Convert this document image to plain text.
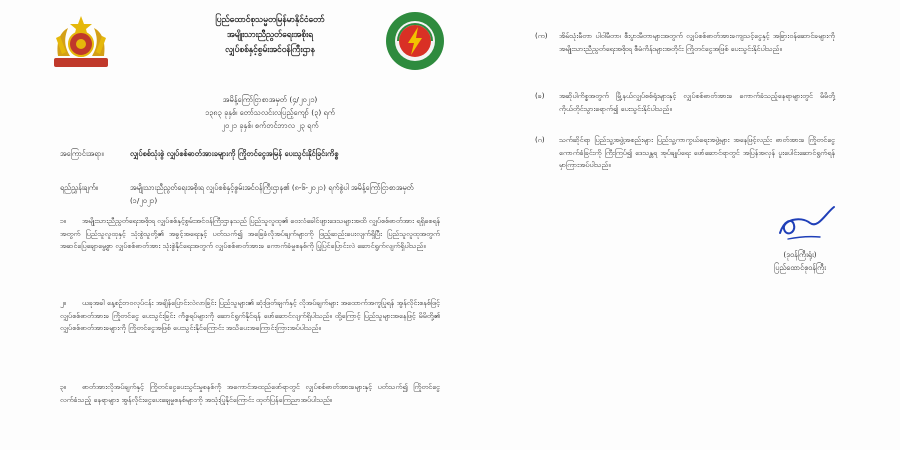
ပြည်ထောင်စုသမ္မတမြန်မာနိုင်ငံတော်
အမျိုးသားညီညွတ်ရေးအစိုးရ
လျှပ်စစ်နှင့်စွမ်းအင်ဝန်ကြီးဌာန
အမိန့်ကြော်ငြာစာအမှတ် (၄/၂၀၂၁)
၁၃၈၃ ခုနှစ်၊ တော်သလင်းလပြည့်ကျော် (၃) ရက်
၂၀၂၁ ခုနှစ်၊ စက်တင်ဘာလ ၂၃ ရက်
အကြောင်းအရာ။	လျှပ်စစ်သုံးစွဲ လျှပ်စစ်ဓာတ်အားခများကို ကြိုတင်ငွေအမြန် ပေးသွင်းနိုင်ခြင်းကိစ္စ
ရည်ညွှန်းချက်။	အမျိုးသားညီညွတ်ရေးအစိုးရ လျှပ်စစ်နှင့်စွမ်းအင်ဝန်ကြီးဌာန၏ (၈-၆-၂၀၂၁) ရက်စွဲပါ အမိန့်ကြော်ငြာစာအမှတ် (၁/၂၀၂၁)
၁။ အမျိုးသားညီညွတ်ရေးအစိုးရ လျှပ်စစ်နှင့်စွမ်းအင်ဝန်ကြီးဌာနသည် ပြည်သူလူထု၏ ဝေးလံခေါင်ဖျားဒေသများအထိ လျှပ်စစ်ဓာတ်အား ရရှိစေရန်အတွက် ပြည်သူလူထုနှင့် သုံးစွဲသူတို့၏ အခွင့်အရေးနှင့် ပတ်သက်၍ အခြေခံလိုအပ်ချက်များကို ဖြည့်ဆည်းပေးလျက်ရှိပြီး ပြည်သူလူထုအတွက် အဆင်ပြေချောမွေ့စွာ လျှပ်စစ်ဓာတ်အား သုံးစွဲနိုင်ရေးအတွက် လျှပ်စစ်ဓာတ်အားခ ကောက်ခံမှုစနစ်ကို ပြုပြင်ပြောင်းလဲ ဆောင်ရွက်လျက်ရှိပါသည်။
၂။ ယခုအခါ နေ့စဉ်ဘဝလုပ်ငန်း အချိန်ပြောင်းလဲလာခြင်း ပြည်သူများ၏ ဆုံးဖြတ်ချက်နှင့် လိုအပ်ချက်များ အထောက်အကူပြုရန် အွန်လိုင်းစနစ်ဖြင့် လျှပ်စစ်ဓာတ်အားခ ကြိုတင်ငွေ ပေးသွင်းခြင်း ကိစ္စရပ်များကို ဆောင်ရွက်နိုင်ရန် ဖော်ဆောင်လျက်ရှိပါသည်။ ထို့ကြောင့် ပြည်သူများအနေဖြင့် မိမိတို့၏ လျှပ်စစ်ဓာတ်အားခများကို ကြိုတင်ငွေအဖြစ် ပေးသွင်းနိုင်ကြောင်း အသိပေးအကြောင်းကြားအပ်ပါသည်။
၃။ ဓာတ်အားလိုအပ်ချက်နှင့် ကြိုတင်ငွေပေးသွင်းမှုစနစ်ကို အကောင်အထည်ဖော်ရာတွင် လျှပ်စစ်ဓာတ်အားခများနှင့် ပတ်သက်၍ ကြိုတင်ငွေလက်ခံသည့် နေရာများ၊ အွန်လိုင်းငွေပေးချေမှုစနစ်များကို အသုံးပြုနိုင်ကြောင်း ထုတ်ပြန်ကြေညာအပ်ပါသည်။
(က)	အိမ်သုံးမီတာ ပါဝါမီတာ၊ စီးပွားမီတာများအတွက် လျှပ်စစ်ဓာတ်အားခကျသင့်ငွေနှင့် အခြားဝန်ဆောင်ခများကို အမျိုးသားညီညွတ်ရေးအစိုးရ စီမံကိန်းများအတိုင်း ကြိုတင်ငွေအဖြစ် ပေးသွင်းနိုင်ပါသည်။
(ခ)	အဆိုပါကိစ္စအတွက် မြို့နယ်လျှပ်စစ်ရုံးများနှင့် လျှပ်စစ်ဓာတ်အားခ ကောက်ခံသည့်နေရာများတွင် မိမိတို့ ကိုယ်တိုင်သွားရောက်၍ ပေးသွင်းနိုင်ပါသည်။
(ဂ)	သက်ဆိုင်ရာ ပြည်သူ့အဖွဲ့အစည်းများ ပြည်သူ့ကာကွယ်ရေးအဖွဲ့များ အနေဖြင့်လည်း ဓာတ်အားခ ကြိုတင်ငွေ ကောက်ခံခြင်းကို ကြီးကြပ်၍ ဒေသန္တရ အုပ်ချုပ်ရေး ဖော်ဆောင်ရာတွင် အပြန်အလှန် ပူးပေါင်းဆောင်ရွက်ရန် မှာကြားအပ်ပါသည်။
(ဒုဝန်ကြီးရုံး)
ပြည်ထောင်စုဝန်ကြီး
